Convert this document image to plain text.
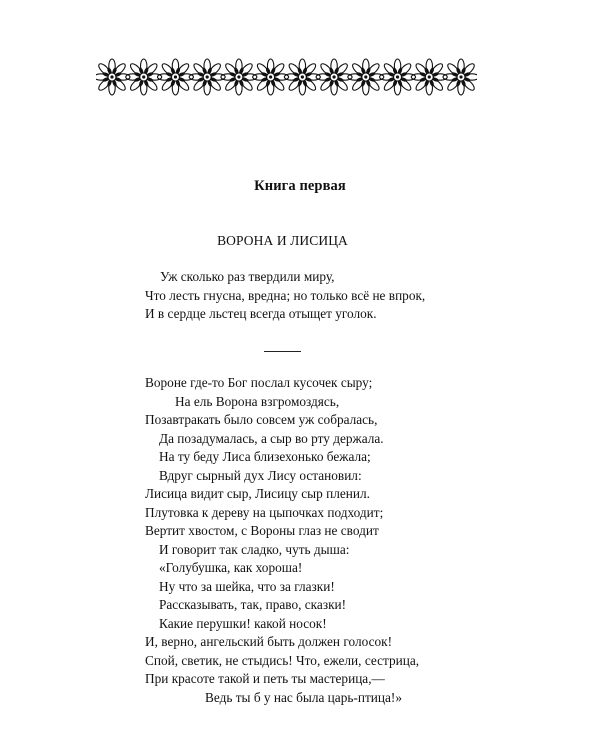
Книга первая
ВОРОНА И ЛИСИЦА
Уж сколько раз твердили миру,
Что лесть гнусна, вредна; но только всё не впрок,
И в сердце льстец всегда отыщет уголок.
Вороне где-то Бог послал кусочек сыру;
На ель Ворона взгромоздясь,
Позавтракать было совсем уж собралась,
Да позадумалась, а сыр во рту держала.
На ту беду Лиса близехонько бежала;
Вдруг сырный дух Лису остановил:
Лисица видит сыр, Лисицу сыр пленил.
Плутовка к дереву на цыпочках подходит;
Вертит хвостом, с Вороны глаз не сводит
И говорит так сладко, чуть дыша:
«Голубушка, как хороша!
Ну что за шейка, что за глазки!
Рассказывать, так, право, сказки!
Какие перушки! какой носок!
И, верно, ангельский быть должен голосок!
Спой, светик, не стыдись! Что, ежели, сестрица,
При красоте такой и петь ты мастерица,—
Ведь ты б у нас была царь-птица!»
